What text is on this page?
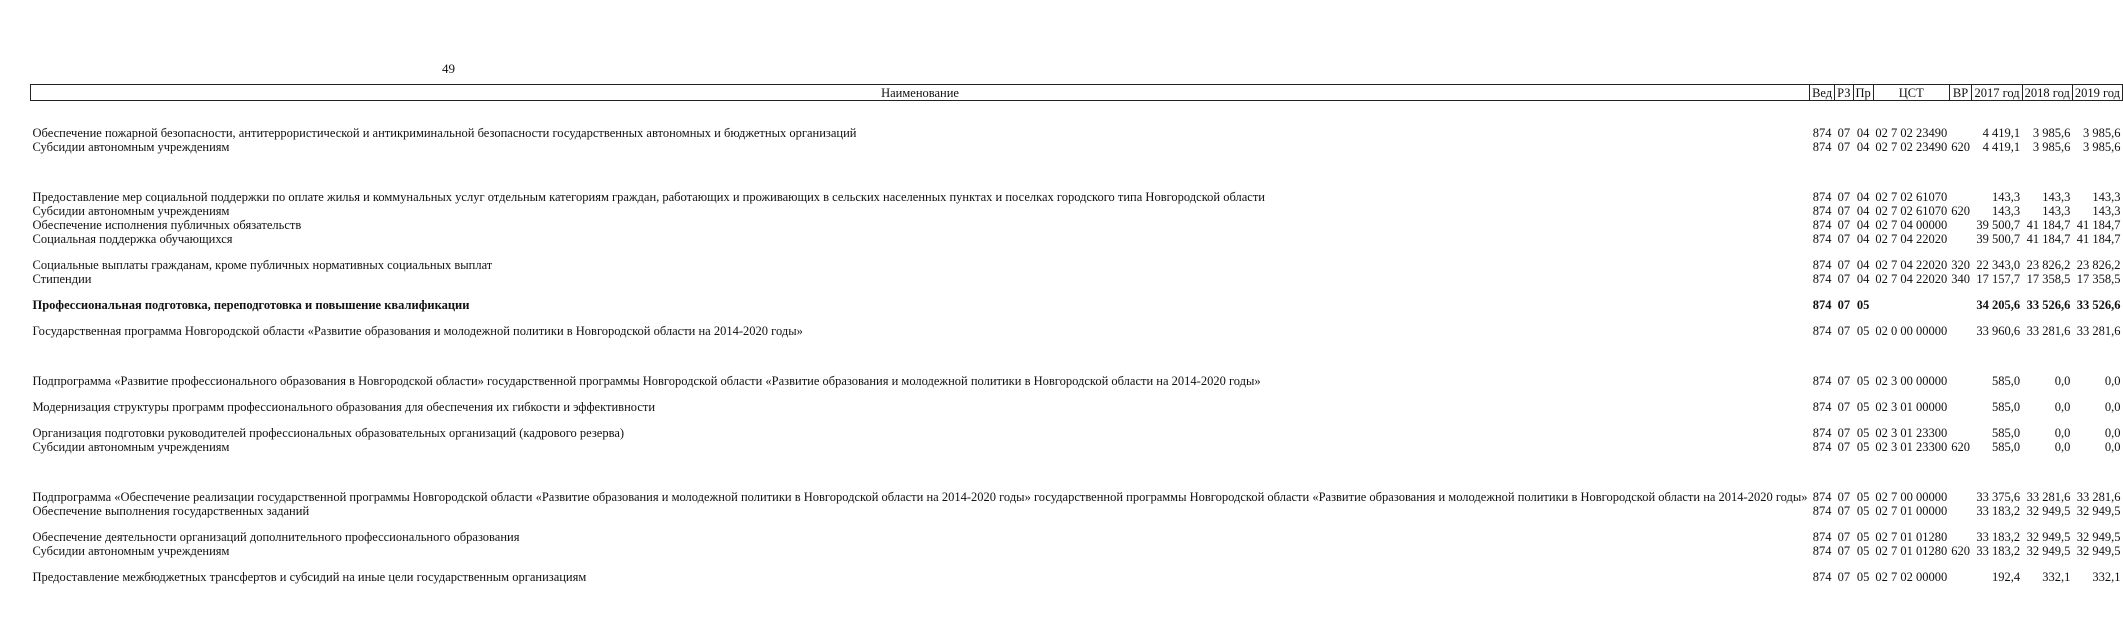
49
Наименование	Вед	РЗ	Пр	ЦСТ	ВР	2017 год	2018 год	2019 год
Обеспечение пожарной безопасности, антитеррористической и антикриминальной безопасности государственных автономных и бюджетных организаций	874	07	04	02 7 02 23490		4 419,1	3 985,6	3 985,6
Субсидии автономным учреждениям	874	07	04	02 7 02 23490	620	4 419,1	3 985,6	3 985,6
Предоставление мер социальной поддержки по оплате жилья и коммунальных услуг отдельным категориям граждан, работающих и проживающих в сельских населенных пунктах и поселках городского типа Новгородской области	874	07	04	02 7 02 61070		143,3	143,3	143,3
Субсидии автономным учреждениям	874	07	04	02 7 02 61070	620	143,3	143,3	143,3
Обеспечение исполнения публичных обязательств	874	07	04	02 7 04 00000		39 500,7	41 184,7	41 184,7
Социальная поддержка обучающихся	874	07	04	02 7 04 22020		39 500,7	41 184,7	41 184,7
Социальные выплаты гражданам, кроме публичных нормативных социальных выплат	874	07	04	02 7 04 22020	320	22 343,0	23 826,2	23 826,2
Стипендии	874	07	04	02 7 04 22020	340	17 157,7	17 358,5	17 358,5
Профессиональная подготовка, переподготовка и повышение квалификации	874	07	05			34 205,6	33 526,6	33 526,6
Государственная программа Новгородской области «Развитие образования и молодежной политики в Новгородской области на 2014-2020 годы»	874	07	05	02 0 00 00000		33 960,6	33 281,6	33 281,6
Подпрограмма «Развитие профессионального образования в Новгородской области» государственной программы Новгородской области «Развитие образования и молодежной политики в Новгородской области на 2014-2020 годы»	874	07	05	02 3 00 00000		585,0	0,0	0,0
Модернизация структуры программ профессионального образования для обеспечения их гибкости и эффективности	874	07	05	02 3 01 00000		585,0	0,0	0,0
Организация подготовки руководителей профессиональных образовательных организаций (кадрового резерва)	874	07	05	02 3 01 23300		585,0	0,0	0,0
Субсидии автономным учреждениям	874	07	05	02 3 01 23300	620	585,0	0,0	0,0
Подпрограмма «Обеспечение реализации государственной программы Новгородской области «Развитие образования и молодежной политики в Новгородской области на 2014-2020 годы» государственной программы Новгородской области «Развитие образования и молодежной политики в Новгородской области на 2014-2020 годы»	874	07	05	02 7 00 00000		33 375,6	33 281,6	33 281,6
Обеспечение выполнения государственных заданий	874	07	05	02 7 01 00000		33 183,2	32 949,5	32 949,5
Обеспечение деятельности организаций дополнительного профессионального образования	874	07	05	02 7 01 01280		33 183,2	32 949,5	32 949,5
Субсидии автономным учреждениям	874	07	05	02 7 01 01280	620	33 183,2	32 949,5	32 949,5
Предоставление межбюджетных трансфертов и субсидий на иные цели государственным организациям	874	07	05	02 7 02 00000		192,4	332,1	332,1
